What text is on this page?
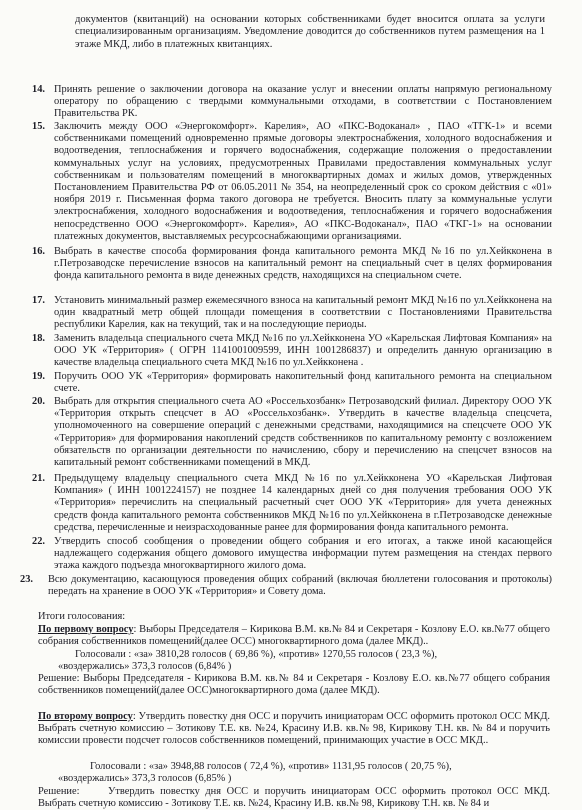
документов (квитанций) на основании которых собственниками будет вносится оплата за услуги специализированным организациям. Уведомление доводится до собственников путем размещения на 1 этаже МКД, либо в платежных квитанциях.
14. Принять решение о заключении договора на оказание услуг и внесении оплаты напрямую региональному оператору по обращению с твердыми коммунальными отходами, в соответствии с Постановлением Правительства РК.
15. Заключить между ООО «Энергокомфорт». Карелия», АО «ПКС-Водоканал» , ПАО «ТГК-1» и всеми собственниками помещений одновременно прямые договоры электроснабжения, холодного водоснабжения и водоотведения, теплоснабжения и горячего водоснабжения, содержащие положения о предоставлении коммунальных услуг на условиях, предусмотренных Правилами предоставления коммунальных услуг собственникам и пользователям помещений в многоквартирных домах и жилых домов, утвержденных Постановлением Правительства РФ от 06.05.2011 № 354, на неопределенный срок со сроком действия с «01» ноября 2019 г. Письменная форма такого договора не требуется. Вносить плату за коммунальные услуги электроснабжения, холодного водоснабжения и водоотведения, теплоснабжения и горячего водоснабжения непосредственно ООО «Энергокомфорт». Карелия», АО «ПКС-Водоканал», ПАО «ТКГ-1» на основании платежных документов, выставляемых ресурсоснабжающими организациями.
16. Выбрать в качестве способа формирования фонда капитального ремонта МКД №16 по ул.Хейкконена в г.Петрозаводске перечисление взносов на капитальный ремонт на специальный счет в целях формирования фонда капитального ремонта в виде денежных средств, находящихся на специальном счете.
17. Установить минимальный размер ежемесячного взноса на капитальный ремонт МКД №16 по ул.Хейкконена на один квадратный метр общей площади помещения в соответствии с Постановлениями Правительства республики Карелия, как на текущий, так и на последующие периоды.
18. Заменить владельца специального счета МКД №16 по ул.Хейкконена УО «Карельская Лифтовая Компания» на ООО УК «Территория» ( ОГРН 1141001009599, ИНН 1001286837) и определить данную организацию в качестве владельца специального счета МКД №16 по ул.Хейкконена .
19. Поручить ООО УК «Территория» формировать накопительный фонд капитального ремонта на специальном счете.
20. Выбрать для открытия специального счета АО «Россельхозбанк» Петрозаводский филиал. Директору ООО УК «Территория открыть спецсчет в АО «Россельхозбанк». Утвердить в качестве владельца спецсчета, уполномоченного на совершение операций с денежными средствами, находящимися на спецсчете ООО УК «Территория» для формирования накоплений средств собственников по капитальному ремонту с возложением обязательств по организации деятельности по начислению, сбору и перечислению на спецсчет взносов на капитальный ремонт собственниками помещений в МКД.
21. Предыдущему владельцу специального счета МКД №16 по ул.Хейкконена УО «Карельская Лифтовая Компания» ( ИНН 1001224157) не позднее 14 календарных дней со дня получения требования ООО УК «Территория» перечислить на специальный расчетный счет ООО УК «Территория» для учета денежных средств фонда капитального ремонта собственников МКД №16 по ул.Хейкконена в г.Петрозаводске денежные средства, перечисленные и неизрасходованные ранее для формирования фонда капитального ремонта.
22. Утвердить способ сообщения о проведении общего собрания и его итогах, а также иной касающейся надлежащего содержания общего домового имущества информации путем размещения на стендах первого этажа каждого подъезда многоквартирного жилого дома.
23.	Всю документацию, касающуюся проведения общих собраний (включая бюллетени голосования и протоколы) передать на хранение в ООО УК «Территория» и Совету дома.
Итоги голосования:
По первому вопросу: Выборы Председателя – Кирикова В.М. кв.№ 84 и Секретаря - Козлову Е.О. кв.№77 общего собрания собственников помещений(далее ОСС) многоквартирного дома (далее МКД)..
Голосовали : «за» 3810,28 голосов ( 69,86 %), «против» 1270,55 голосов ( 23,3 %),
«воздержались» 373,3 голосов (6,84% )
Решение: Выборы Председателя - Кирикова В.М. кв.№ 84 и Секретаря - Козлову Е.О. кв.№77 общего собрания собственников помещений(далее ОСС)многоквартирного дома (далее МКД).
По второму вопросу: Утвердить повестку дня ОСС и поручить инициаторам ОСС оформить протокол ОСС МКД. Выбрать счетную комиссию – Зотикову Т.Е. кв. №24, Красину И.В. кв.№ 98, Кирикову Т.Н. кв. № 84 и поручить комиссии провести подсчет голосов собственников помещений, принимающих участие в ОСС МКД..
Голосовали : «за» 3948,88 голосов ( 72,4 %), «против» 1131,95 голосов ( 20,75 %),
«воздержались» 373,3 голосов (6,85% )
Решение:	Утвердить повестку дня ОСС и поручить инициаторам ОСС оформить протокол ОСС МКД. Выбрать счетную комиссию - Зотикову Т.Е. кв. №24, Красину И.В. кв.№ 98, Кирикову Т.Н. кв. № 84 и
